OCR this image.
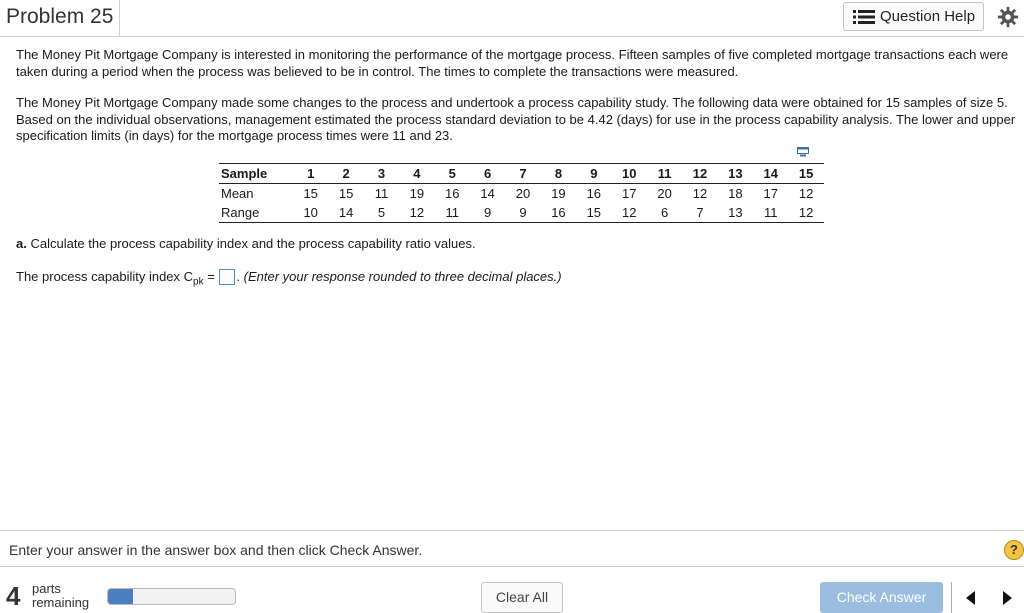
Problem 25	Question Help

The Money Pit Mortgage Company is interested in monitoring the performance of the mortgage process. Fifteen samples of five completed mortgage transactions each were taken during a period when the process was believed to be in control. The times to complete the transactions were measured.

The Money Pit Mortgage Company made some changes to the process and undertook a process capability study. The following data were obtained for 15 samples of size 5. Based on the individual observations, management estimated the process standard deviation to be 4.42 (days) for use in the process capability analysis. The lower and upper specification limits (in days) for the mortgage process times were 11 and 23.

Sample	1	2	3	4	5	6	7	8	9	10	11	12	13	14	15
Mean	15	15	11	19	16	14	20	19	16	17	20	12	18	17	12
Range	10	14	5	12	11	9	9	16	15	12	6	7	13	11	12
a. Calculate the process capability index and the process capability ratio values.
The process capability index $C_{pk}$ = . (Enter your response rounded to three decimal places.)
Enter your answer in the answer box and then click Check Answer.	?
4 parts
remaining	Clear All	Check Answer
